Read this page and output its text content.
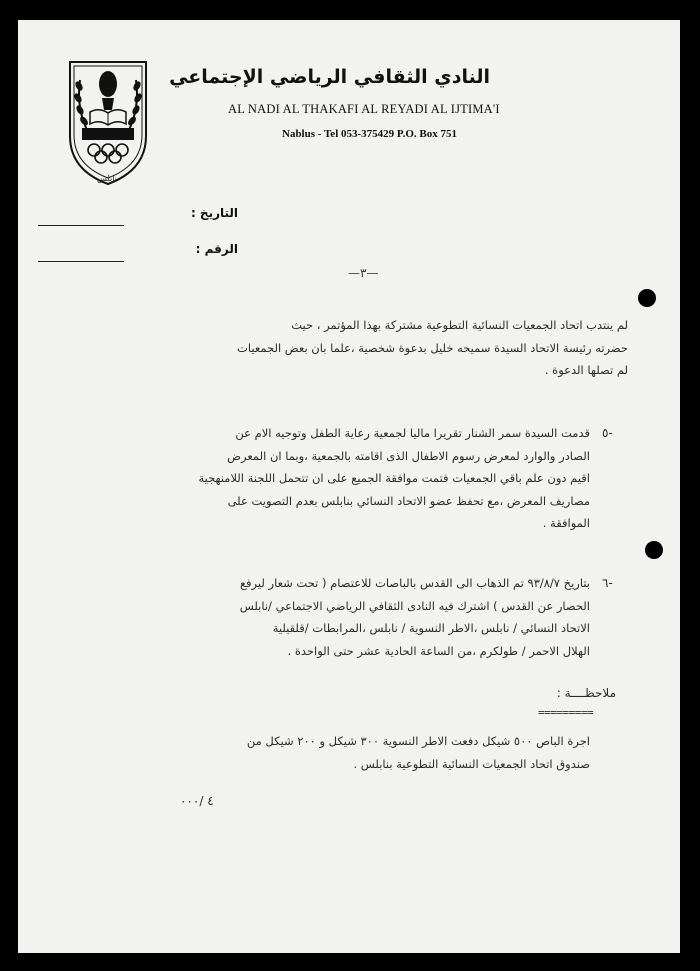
نابلس
النادي الثقافي الرياضي الإجتماعي
AL NADI AL THAKAFI AL REYADI AL IJTIMA'I
Nablus - Tel 053-375429 P.O. Box 751
التاريخ :
الرقم :
—٣—
لم ينتدب اتحاد الجمعيات النسائية التطوعية مشتركة بهذا المؤتمر ، حيث
حضرته رئيسة الاتحاد السيدة سميحه خليل بدعوة شخصية ،علما بان بعض الجمعيات
لم تصلها الدعوة .
٥-
قدمت السيدة سمر الشنار تقريرا ماليا لجمعية رعاية الطفل وتوجيه الام عن
الصادر والوارد لمعرض رسوم الاطفال الذى اقامته بالجمعية ،وبما ان المعرض
اقيم دون علم باقي الجمعيات فتمت موافقة الجميع على ان تتحمل اللجنة اللامنهجية
مصاريف المعرض ،مع تحفظ عضو الاتحاد النسائي بنابلس بعدم التصويت على
الموافقة .
٦-
بتاريخ ٩٣/٨/٧ تم الذهاب الى القدس بالباصات للاعتصام ( تحت شعار ليرفع
الحصار عن القدس ) اشترك فيه النادى الثقافي الرياضي الاجتماعي /نابلس
الاتحاد النسائي / نابلس ،الاطر النسوية / نابلس ،المرابطات /قلقيلية
الهلال الاحمر / طولكرم ،من الساعة الحادية عشر حتى الواحدة .
ملاحظــــة :
=========
اجرة الباص ٥٠٠ شيكل دفعت الاطر النسوية ٣٠٠ شيكل و ٢٠٠ شيكل من
صندوق اتحاد الجمعيات النسائية التطوعية بنابلس .
٤ /٠٠٠
